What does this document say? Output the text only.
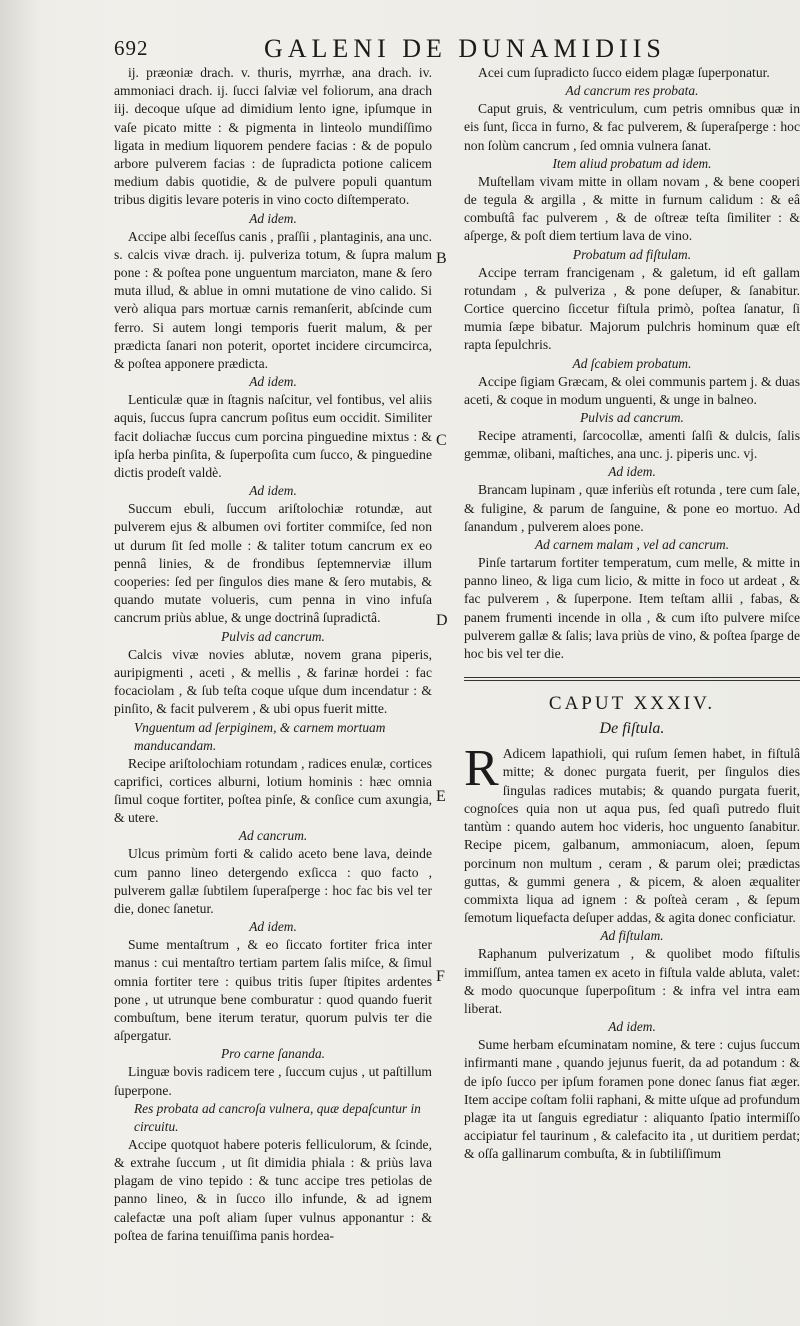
692	GALENI DE DUNAMIDIIS

ij. præoniæ drach. v. thuris, myrrhæ, ana drach. iv. ammoniaci drach. ij. ſucci ſalviæ vel foliorum, ana drach iij. decoque uſque ad dimidium lento igne, ipſumque in vaſe picato mitte : & pigmenta in linteolo mundiſſimo ligata in medium liquorem pendere facias : & de populo arbore pulverem facias : de ſupradicta potione calicem medium dabis quotidie, & de pulvere populi quantum tribus digitis levare poteris in vino cocto diſtemperato.

Ad idem.

Accipe albi ſeceſſus canis , praſſii , plantaginis, ana unc. s. calcis vivæ drach. ij. pulveriza totum, & ſupra malum pone : & poſtea pone unguentum marciaton, mane & ſero muta illud, & ablue in omni mutatione de vino calido. Si verò aliqua pars mortuæ carnis remanſerit, abſcinde cum ferro. Si autem longi temporis fuerit malum, & per prædicta ſanari non poterit, oportet incidere circumcirca, & poſtea apponere prædicta.

Ad idem.

Lenticulæ quæ in ſtagnis naſcitur, vel fontibus, vel aliis aquis, ſuccus ſupra cancrum poſitus eum occidit. Similiter facit doliachæ ſuccus cum porcina pinguedine mixtus : & ipſa herba pinſita, & ſuperpoſita cum ſucco, & pinguedine dictis prodeſt valdè.

Ad idem.

Succum ebuli, ſuccum ariſtolochiæ rotundæ, aut pulverem ejus & albumen ovi fortiter commiſce, ſed non ut durum ſit ſed molle : & taliter totum cancrum ex eo pennâ linies, & de frondibus ſeptemnerviæ illum cooperies: ſed per ſingulos dies mane & ſero mutabis, & quando mutate volueris, cum penna in vino infuſa cancrum priùs ablue, & unge doctrinâ ſupradictâ.

Pulvis ad cancrum.

Calcis vivæ novies ablutæ, novem grana piperis, auripigmenti , aceti , & mellis , & farinæ hordei : fac focaciolam , & ſub teſta coque uſque dum incendatur : & pinſito, & facit pulverem , & ubi opus fuerit mitte.

Vnguentum ad ſerpiginem, & carnem mortuam manducandam.

Recipe ariſtolochiam rotundam , radices enulæ, cortices caprifici, cortices alburni, lotium hominis : hæc omnia ſimul coque fortiter, poſtea pinſe, & conſice cum axungia, & utere.

Ad cancrum.

Ulcus primùm forti & calido aceto bene lava, deinde cum panno lineo detergendo exſicca : quo facto , pulverem gallæ ſubtilem ſuperaſperge : hoc fac bis vel ter die, donec ſanetur.

Ad idem.

Sume mentaſtrum , & eo ſiccato fortiter frica inter manus : cui mentaſtro tertiam partem ſalis miſce, & ſimul omnia fortiter tere : quibus tritis ſuper ſtipites ardentes pone , ut utrunque bene comburatur : quod quando fuerit combuſtum, bene iterum teratur, quorum pulvis ter die aſpergatur.

Pro carne ſananda.

Linguæ bovis radicem tere , ſuccum cujus , ut paſtillum ſuperpone.

Res probata ad cancroſa vulnera, quæ depaſcuntur in circuitu.

Accipe quotquot habere poteris felliculorum, & ſcinde, & extrahe ſuccum , ut ſit dimidia phiala : & priùs lava plagam de vino tepido : & tunc accipe tres petiolas de panno lineo, & in ſucco illo infunde, & ad ignem calefactæ una poſt aliam ſuper vulnus apponantur : & poſtea de farina tenuiſſima panis hordea-

B
C
D
E
F

Acei cum ſupradicto ſucco eidem plagæ ſuperponatur.

Ad cancrum res probata.

Caput gruis, & ventriculum, cum petris omnibus quæ in eis ſunt, ſicca in furno, & fac pulverem, & ſuperaſperge : hoc non ſolùm cancrum , ſed omnia vulnera ſanat.

Item aliud probatum ad idem.

Muſtellam vivam mitte in ollam novam , & bene cooperi de tegula & argilla , & mitte in furnum calidum : & eâ combuſtâ fac pulverem , & de oſtreæ teſta ſimiliter : & aſperge, & poſt diem tertium lava de vino.

Probatum ad fiſtulam.

Accipe terram francigenam , & galetum, id eſt gallam rotundam , & pulveriza , & pone deſuper, & ſanabitur. Cortice quercino ſiccetur fiſtula primò, poſtea ſanatur, ſi mumia ſæpe bibatur. Majorum pulchris hominum quæ eſt rapta ſepulchris.

Ad ſcabiem probatum.

Accipe ſigiam Græcam, & olei communis partem j. & duas aceti, & coque in modum unguenti, & unge in balneo.

Pulvis ad cancrum.

Recipe atramenti, ſarcocollæ, amenti ſalſi & dulcis, ſalis gemmæ, olibani, maſtiches, ana unc. j. piperis unc. vj.

Ad idem.

Brancam lupinam , quæ inferiùs eſt rotunda , tere cum ſale, & fuligine, & parum de ſanguine, & pone eo mortuo. Ad ſanandum , pulverem aloes pone.

Ad carnem malam , vel ad cancrum.

Pinſe tartarum fortiter temperatum, cum melle, & mitte in panno lineo, & liga cum licio, & mitte in foco ut ardeat , & fac pulverem , & ſuperpone. Item teſtam allii , fabas, & panem frumenti incende in olla , & cum iſto pulvere miſce pulverem gallæ & ſalis; lava priùs de vino, & poſtea ſparge de hoc bis vel ter die.

CAPUT XXXIV.
De fiſtula.

R Adicem lapathioli, qui ruſum ſemen habet, in fiſtulâ mitte; & donec purgata fuerit, per ſingulos dies ſingulas radices mutabis; & quando purgata fuerit, cognoſces quia non ut aqua pus, ſed quaſi putredo fluit tantùm : quando autem hoc videris, hoc unguento ſanabitur. Recipe picem, galbanum, ammoniacum, aloen, ſepum porcinum non multum , ceram , & parum olei; prædictas guttas, & gummi genera , & picem, & aloen æqualiter commixta liqua ad ignem : & poſteà ceram , & ſepum ſemotum liquefacta deſuper addas, & agita donec conficiatur.

Ad fiſtulam.

Raphanum pulverizatum , & quolibet modo fiſtulis immiſſum, antea tamen ex aceto in fiſtula valde abluta, valet: & modo quocunque ſuperpoſitum : & infra vel intra eam liberat.

Ad idem.

Sume herbam eſcuminatam nomine, & tere : cujus ſuccum infirmanti mane , quando jejunus fuerit, da ad potandum : & de ipſo ſucco per ipſum foramen pone donec ſanus fiat æger. Item accipe coſtam folii raphani, & mitte uſque ad profundum plagæ ita ut ſanguis egrediatur : aliquanto ſpatio intermiſſo accipiatur fel taurinum , & calefacito ita , ut duritiem perdat; & oſſa gallinarum combuſta, & in ſubtiliſſimum
